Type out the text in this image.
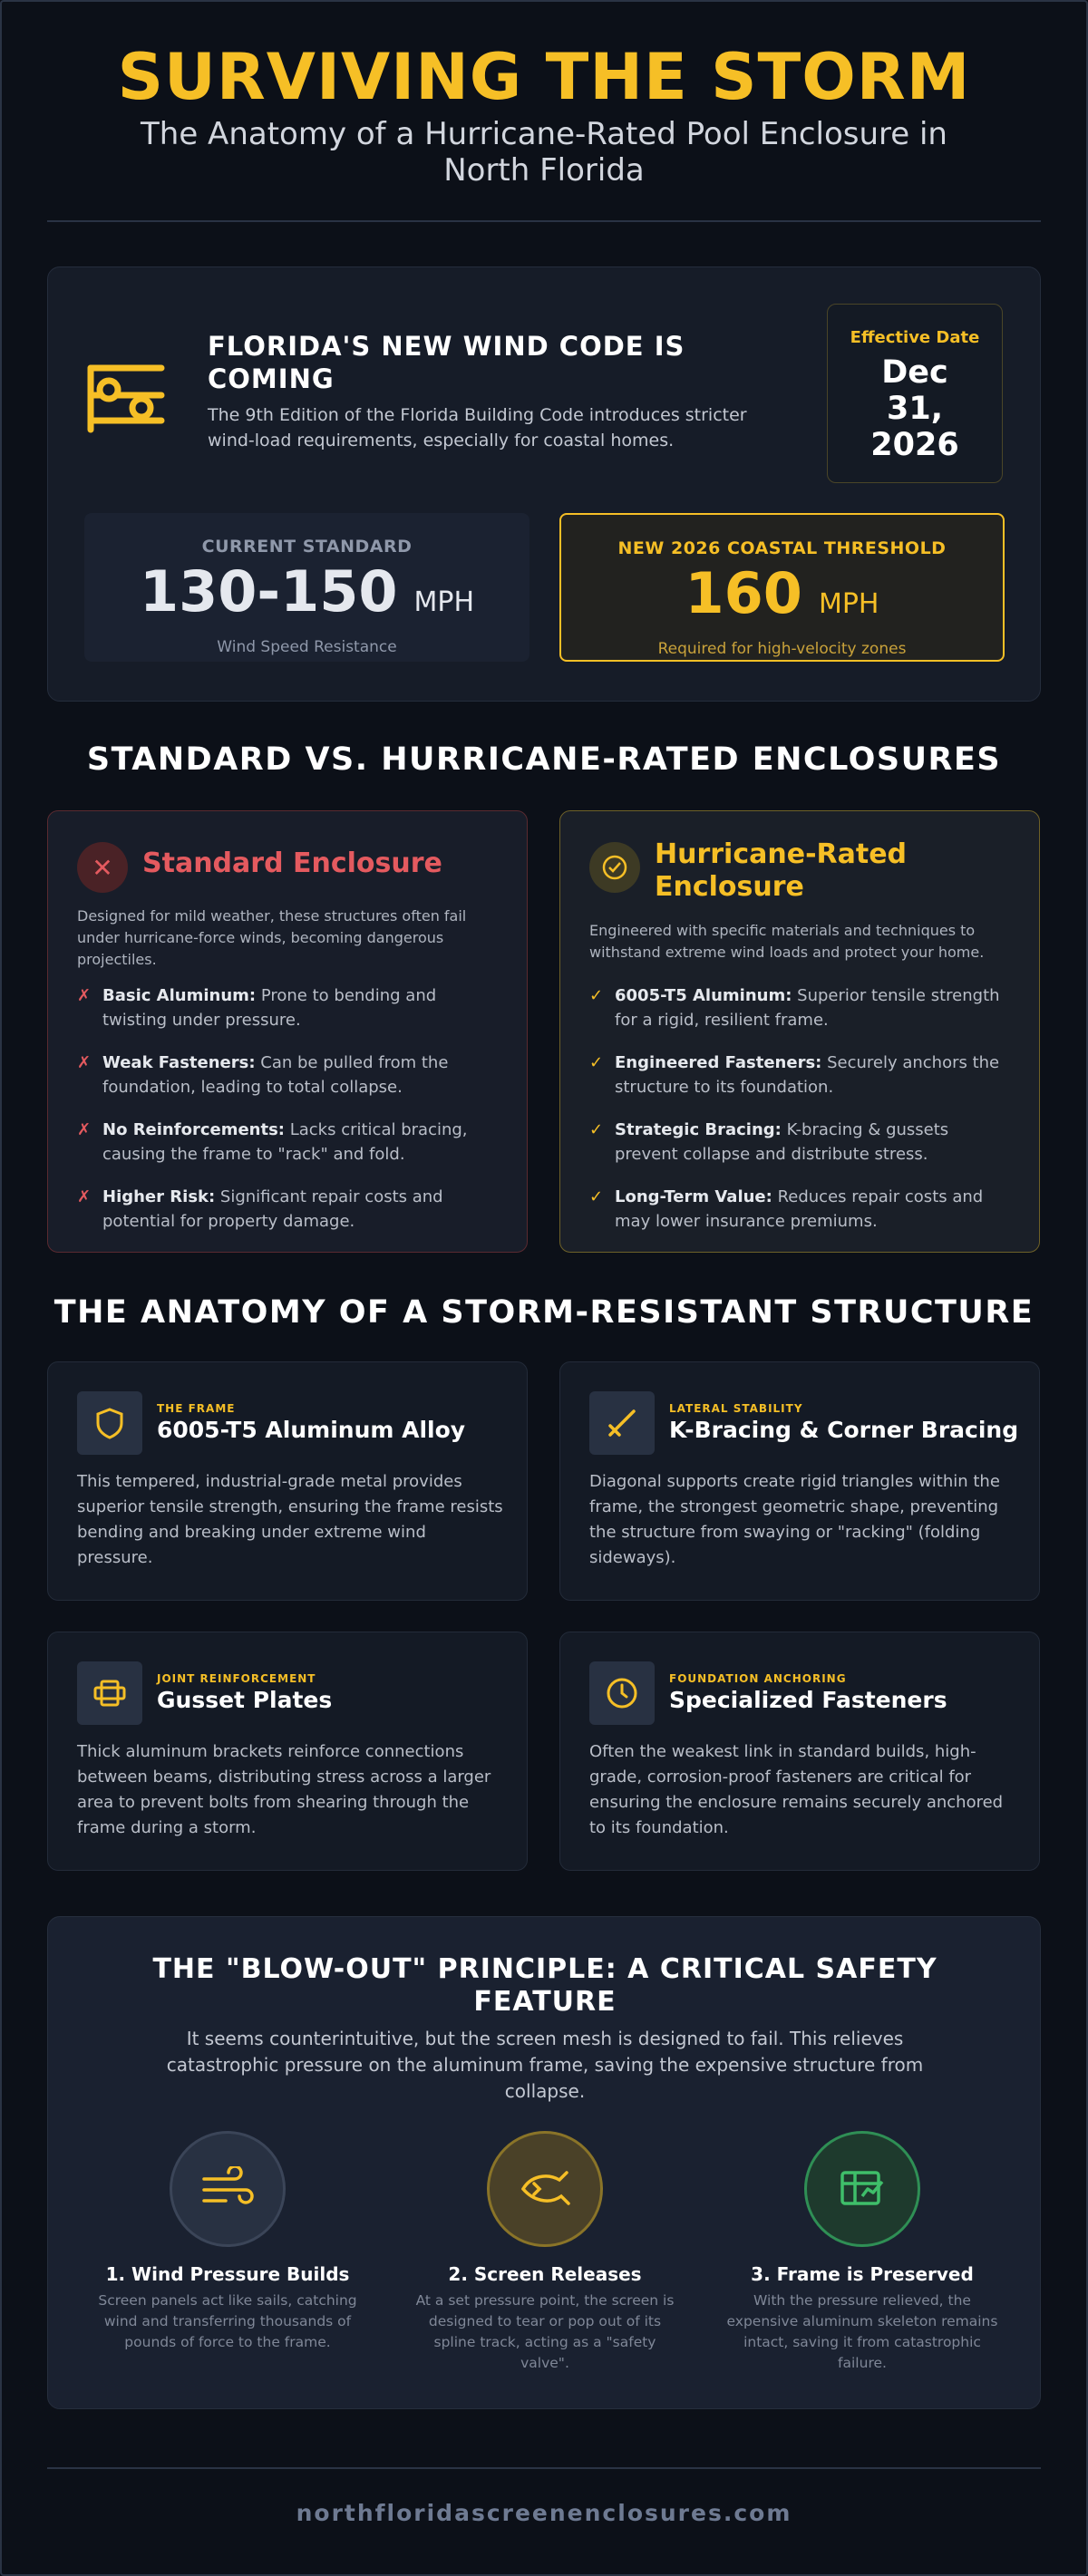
SURVIVING THE STORM
The Anatomy of a Hurricane-Rated Pool Enclosure in North Florida
FLORIDA'S NEW WIND CODE IS COMING
The 9th Edition of the Florida Building Code introduces stricter wind-load requirements, especially for coastal homes.
Effective Date
Dec
31,
2026
CURRENT STANDARD
130-150 MPH
Wind Speed Resistance
NEW 2026 COASTAL THRESHOLD
160 MPH
Required for high-velocity zones
STANDARD VS. HURRICANE-RATED ENCLOSURES
✕	Standard Enclosure
Designed for mild weather, these structures often fail under hurricane-force winds, becoming dangerous projectiles.
✗ Basic Aluminum: Prone to bending and twisting under pressure.
✗ Weak Fasteners: Can be pulled from the foundation, leading to total collapse.
✗ No Reinforcements: Lacks critical bracing, causing the frame to "rack" and fold.
✗ Higher Risk: Significant repair costs and potential for property damage.
Hurricane-Rated Enclosure
Engineered with specific materials and techniques to withstand extreme wind loads and protect your home.
✓ 6005-T5 Aluminum: Superior tensile strength for a rigid, resilient frame.
✓ Engineered Fasteners: Securely anchors the structure to its foundation.
✓ Strategic Bracing: K-bracing & gussets prevent collapse and distribute stress.
✓ Long-Term Value: Reduces repair costs and may lower insurance premiums.
THE ANATOMY OF A STORM-RESISTANT STRUCTURE
THE FRAME
6005-T5 Aluminum Alloy
This tempered, industrial-grade metal provides superior tensile strength, ensuring the frame resists bending and breaking under extreme wind pressure.
LATERAL STABILITY
K-Bracing & Corner Bracing
Diagonal supports create rigid triangles within the frame, the strongest geometric shape, preventing the structure from swaying or "racking" (folding sideways).
JOINT REINFORCEMENT
Gusset Plates
Thick aluminum brackets reinforce connections between beams, distributing stress across a larger area to prevent bolts from shearing through the frame during a storm.
FOUNDATION ANCHORING
Specialized Fasteners
Often the weakest link in standard builds, high-grade, corrosion-proof fasteners are critical for ensuring the enclosure remains securely anchored to its foundation.
THE "BLOW-OUT" PRINCIPLE: A CRITICAL SAFETY FEATURE
It seems counterintuitive, but the screen mesh is designed to fail. This relieves catastrophic pressure on the aluminum frame, saving the expensive structure from collapse.
1. Wind Pressure Builds
Screen panels act like sails, catching wind and transferring thousands of pounds of force to the frame.
2. Screen Releases
At a set pressure point, the screen is designed to tear or pop out of its spline track, acting as a "safety valve".
3. Frame is Preserved
With the pressure relieved, the expensive aluminum skeleton remains intact, saving it from catastrophic failure.
northfloridascreenenclosures.com
